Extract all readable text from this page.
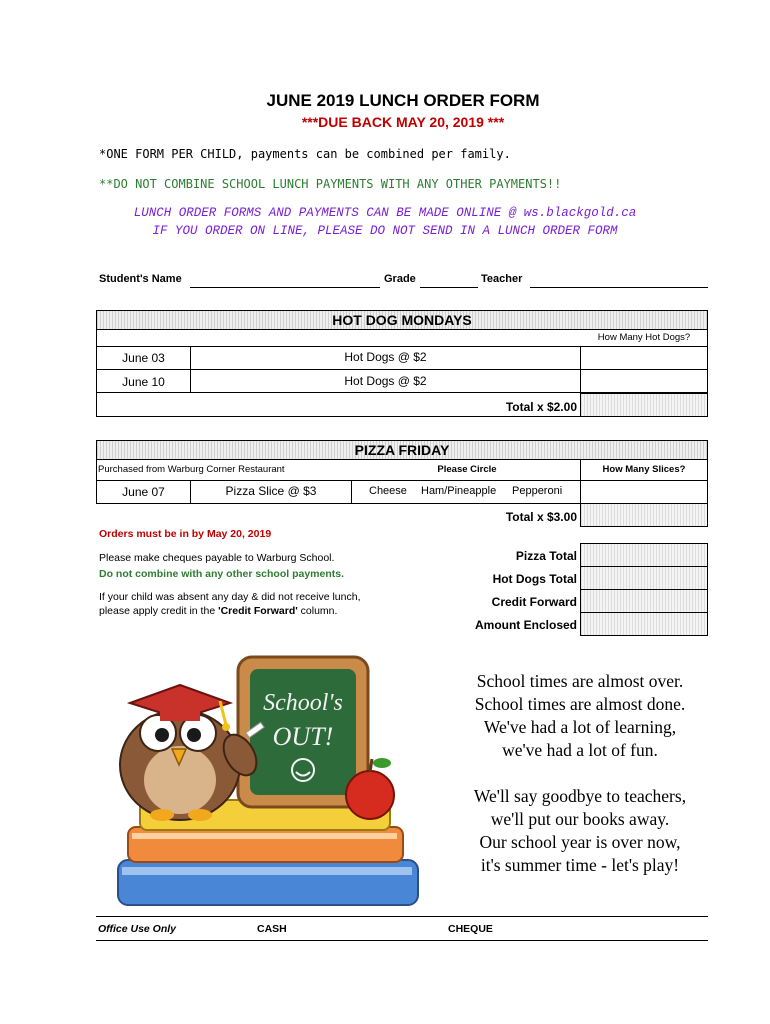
JUNE 2019 LUNCH ORDER FORM
***DUE BACK MAY 20, 2019 ***
*ONE FORM PER CHILD, payments can be combined per family.
**DO NOT COMBINE SCHOOL LUNCH PAYMENTS WITH ANY OTHER PAYMENTS!!
LUNCH ORDER FORMS AND PAYMENTS CAN BE MADE ONLINE @ ws.blackgold.ca
IF YOU ORDER ON LINE, PLEASE DO NOT SEND IN A LUNCH ORDER FORM
Student's Name	Grade	Teacher
HOT DOG MONDAYS
How Many Hot Dogs?
June 03	Hot Dogs @ $2
June 10	Hot Dogs @ $2
Total x $2.00
PIZZA FRIDAY
Purchased from Warburg Corner Restaurant	Please Circle	How Many Slices?
June 07	Pizza Slice @ $3	Cheese Ham/Pineapple Pepperoni
Total x $3.00
Orders must be in by May 20, 2019
Please make cheques payable to Warburg School.
Do not combine with any other school payments.
If your child was absent any day & did not receive lunch,
please apply credit in the 'Credit Forward' column.
Pizza Total
Hot Dogs Total
Credit Forward
Amount Enclosed
School's
OUT!
School times are almost over.
School times are almost done.
We've had a lot of learning,
we've had a lot of fun.
We'll say goodbye to teachers,
we'll put our books away.
Our school year is over now,
it's summer time - let's play!
Office Use Only	CASH	CHEQUE
